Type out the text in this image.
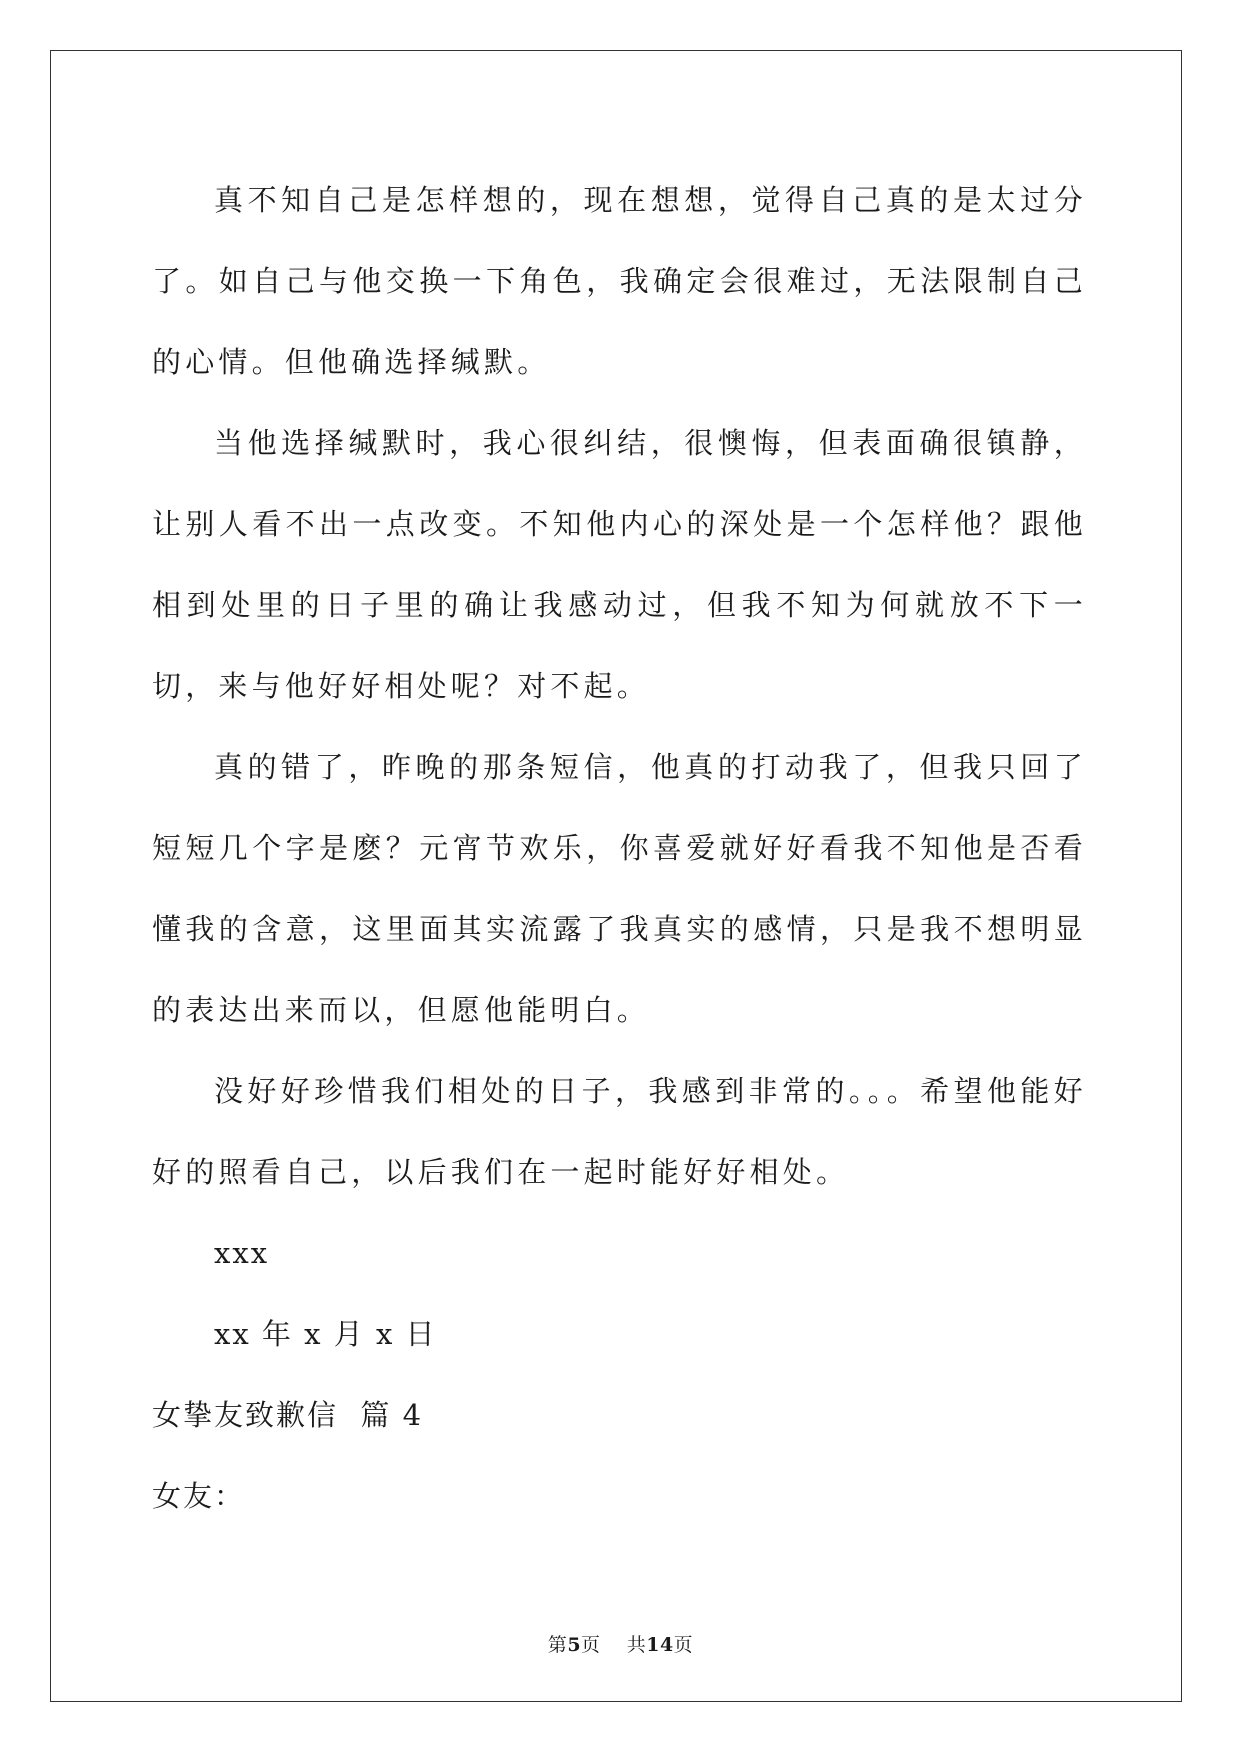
真不知自己是怎样想的，现在想想，觉得自己真的是太过分了。如自己与他交换一下角色，我确定会很难过，无法限制自己的心情。但他确选择缄默。

当他选择缄默时，我心很纠结，很懊悔，但表面确很镇静，让别人看不出一点改变。不知他内心的深处是一个怎样他？跟他相到处里的日子里的确让我感动过，但我不知为何就放不下一切，来与他好好相处呢？对不起。

真的错了，昨晚的那条短信，他真的打动我了，但我只回了短短几个字是麽？元宵节欢乐，你喜爱就好好看我不知他是否看懂我的含意，这里面其实流露了我真实的感情，只是我不想明显的表达出来而以，但愿他能明白。

没好好珍惜我们相处的日子，我感到非常的。。。希望他能好好的照看自己，以后我们在一起时能好好相处。

xxx

xx 年 x 月 x 日

女挚友致歉信  篇 4

女友：

第5页    共14页
